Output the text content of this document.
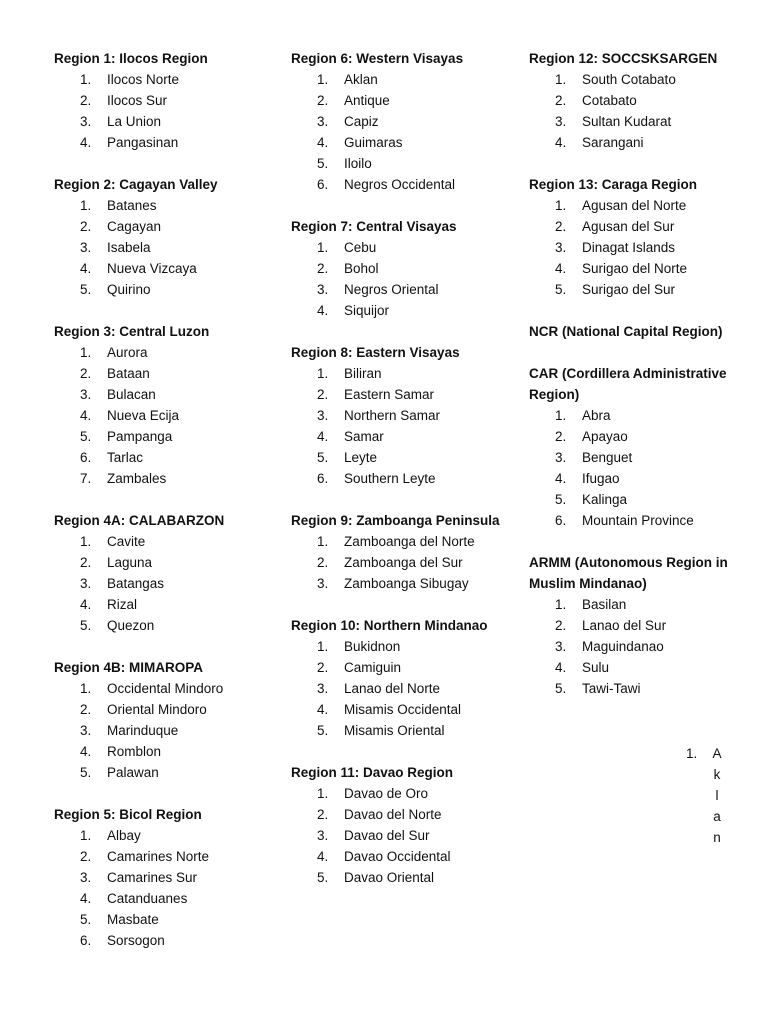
Region 1: Ilocos Region
1.	Ilocos Norte
2.	Ilocos Sur
3.	La Union
4.	Pangasinan
Region 2: Cagayan Valley
1.	Batanes
2.	Cagayan
3.	Isabela
4.	Nueva Vizcaya
5.	Quirino
Region 3: Central Luzon
1.	Aurora
2.	Bataan
3.	Bulacan
4.	Nueva Ecija
5.	Pampanga
6.	Tarlac
7.	Zambales
Region 4A: CALABARZON
1.	Cavite
2.	Laguna
3.	Batangas
4.	Rizal
5.	Quezon
Region 4B: MIMAROPA
1.	Occidental Mindoro
2.	Oriental Mindoro
3.	Marinduque
4.	Romblon
5.	Palawan
Region 5: Bicol Region
1.	Albay
2.	Camarines Norte
3.	Camarines Sur
4.	Catanduanes
5.	Masbate
6.	Sorsogon
Region 6: Western Visayas
1.	Aklan
2.	Antique
3.	Capiz
4.	Guimaras
5.	Iloilo
6.	Negros Occidental
Region 7: Central Visayas
1.	Cebu
2.	Bohol
3.	Negros Oriental
4.	Siquijor
Region 8: Eastern Visayas
1.	Biliran
2.	Eastern Samar
3.	Northern Samar
4.	Samar
5.	Leyte
6.	Southern Leyte
Region 9: Zamboanga Peninsula
1.	Zamboanga del Norte
2.	Zamboanga del Sur
3.	Zamboanga Sibugay
Region 10: Northern Mindanao
1.	Bukidnon
2.	Camiguin
3.	Lanao del Norte
4.	Misamis Occidental
5.	Misamis Oriental
Region 11: Davao Region
1.	Davao de Oro
2.	Davao del Norte
3.	Davao del Sur
4.	Davao Occidental
5.	Davao Oriental
Region 12: SOCCSKSARGEN
1.	South Cotabato
2.	Cotabato
3.	Sultan Kudarat
4.	Sarangani
Region 13: Caraga Region
1.	Agusan del Norte
2.	Agusan del Sur
3.	Dinagat Islands
4.	Surigao del Norte
5.	Surigao del Sur
NCR (National Capital Region)
CAR (Cordillera Administrative Region)
1.	Abra
2.	Apayao
3.	Benguet
4.	Ifugao
5.	Kalinga
6.	Mountain Province
ARMM (Autonomous Region in Muslim Mindanao)
1.	Basilan
2.	Lanao del Sur
3.	Maguindanao
4.	Sulu
5.	Tawi-Tawi
1.	A
k
l
a
n
